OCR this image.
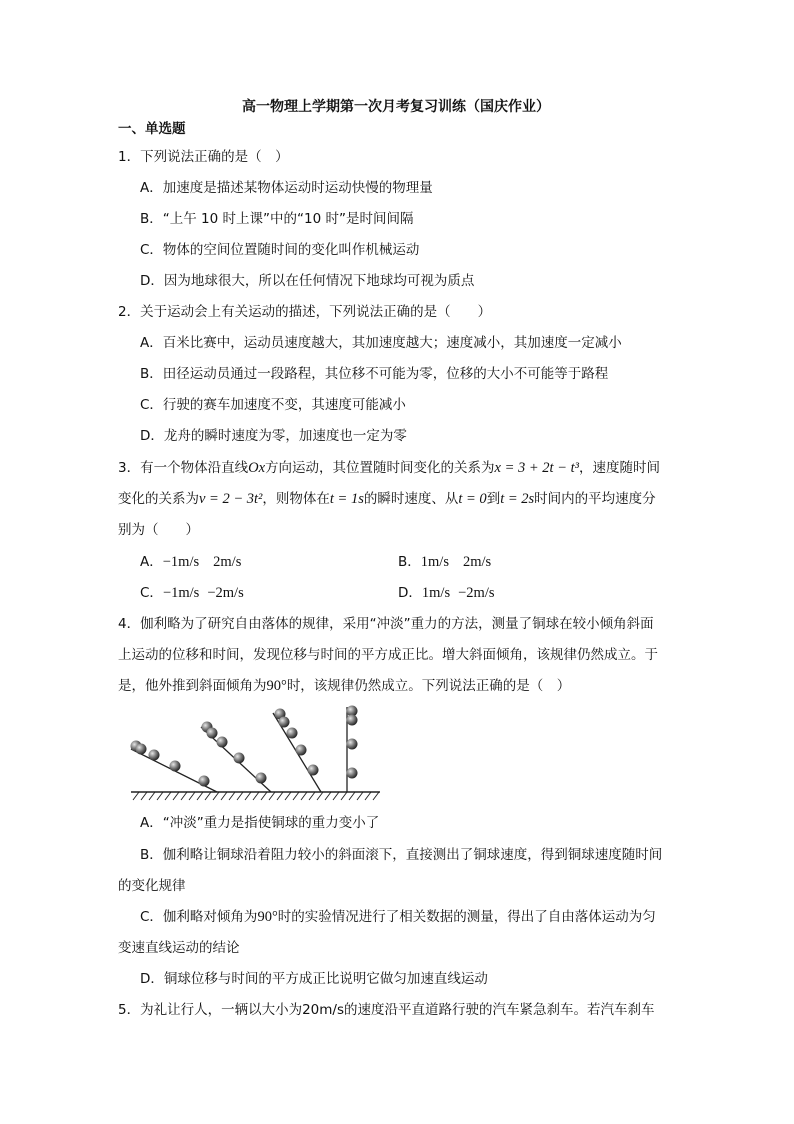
高一物理上学期第一次月考复习训练（国庆作业）
一、单选题
1．下列说法正确的是（　）
A．加速度是描述某物体运动时运动快慢的物理量
B．“上午 10 时上课”中的“10 时”是时间间隔
C．物体的空间位置随时间的变化叫作机械运动
D．因为地球很大，所以在任何情况下地球均可视为质点
2．关于运动会上有关运动的描述，下列说法正确的是（　　）
A．百米比赛中，运动员速度越大，其加速度越大；速度减小，其加速度一定减小
B．田径运动员通过一段路程，其位移不可能为零，位移的大小不可能等于路程
C．行驶的赛车加速度不变，其速度可能减小
D．龙舟的瞬时速度为零，加速度也一定为零
3．有一个物体沿直线Ox方向运动，其位置随时间变化的关系为x = 3 + 2t − t³，速度随时间
变化的关系为v = 2 − 3t²，则物体在t = 1s的瞬时速度、从t = 0到t = 2s时间内的平均速度分
别为（　　）
A．−1m/s 2m/s	B．1m/s 2m/s
C．−1m/s −2m/s	D．1m/s −2m/s
4．伽利略为了研究自由落体的规律，采用“冲淡”重力的方法，测量了铜球在较小倾角斜面
上运动的位移和时间，发现位移与时间的平方成正比。增大斜面倾角，该规律仍然成立。于
是，他外推到斜面倾角为90°时，该规律仍然成立。下列说法正确的是（　）
A．“冲淡”重力是指使铜球的重力变小了
B．伽利略让铜球沿着阻力较小的斜面滚下，直接测出了铜球速度，得到铜球速度随时间
的变化规律
C．伽利略对倾角为90°时的实验情况进行了相关数据的测量，得出了自由落体运动为匀
变速直线运动的结论
D．铜球位移与时间的平方成正比说明它做匀加速直线运动
5．为礼让行人，一辆以大小为20m/s的速度沿平直道路行驶的汽车紧急刹车。若汽车刹车
